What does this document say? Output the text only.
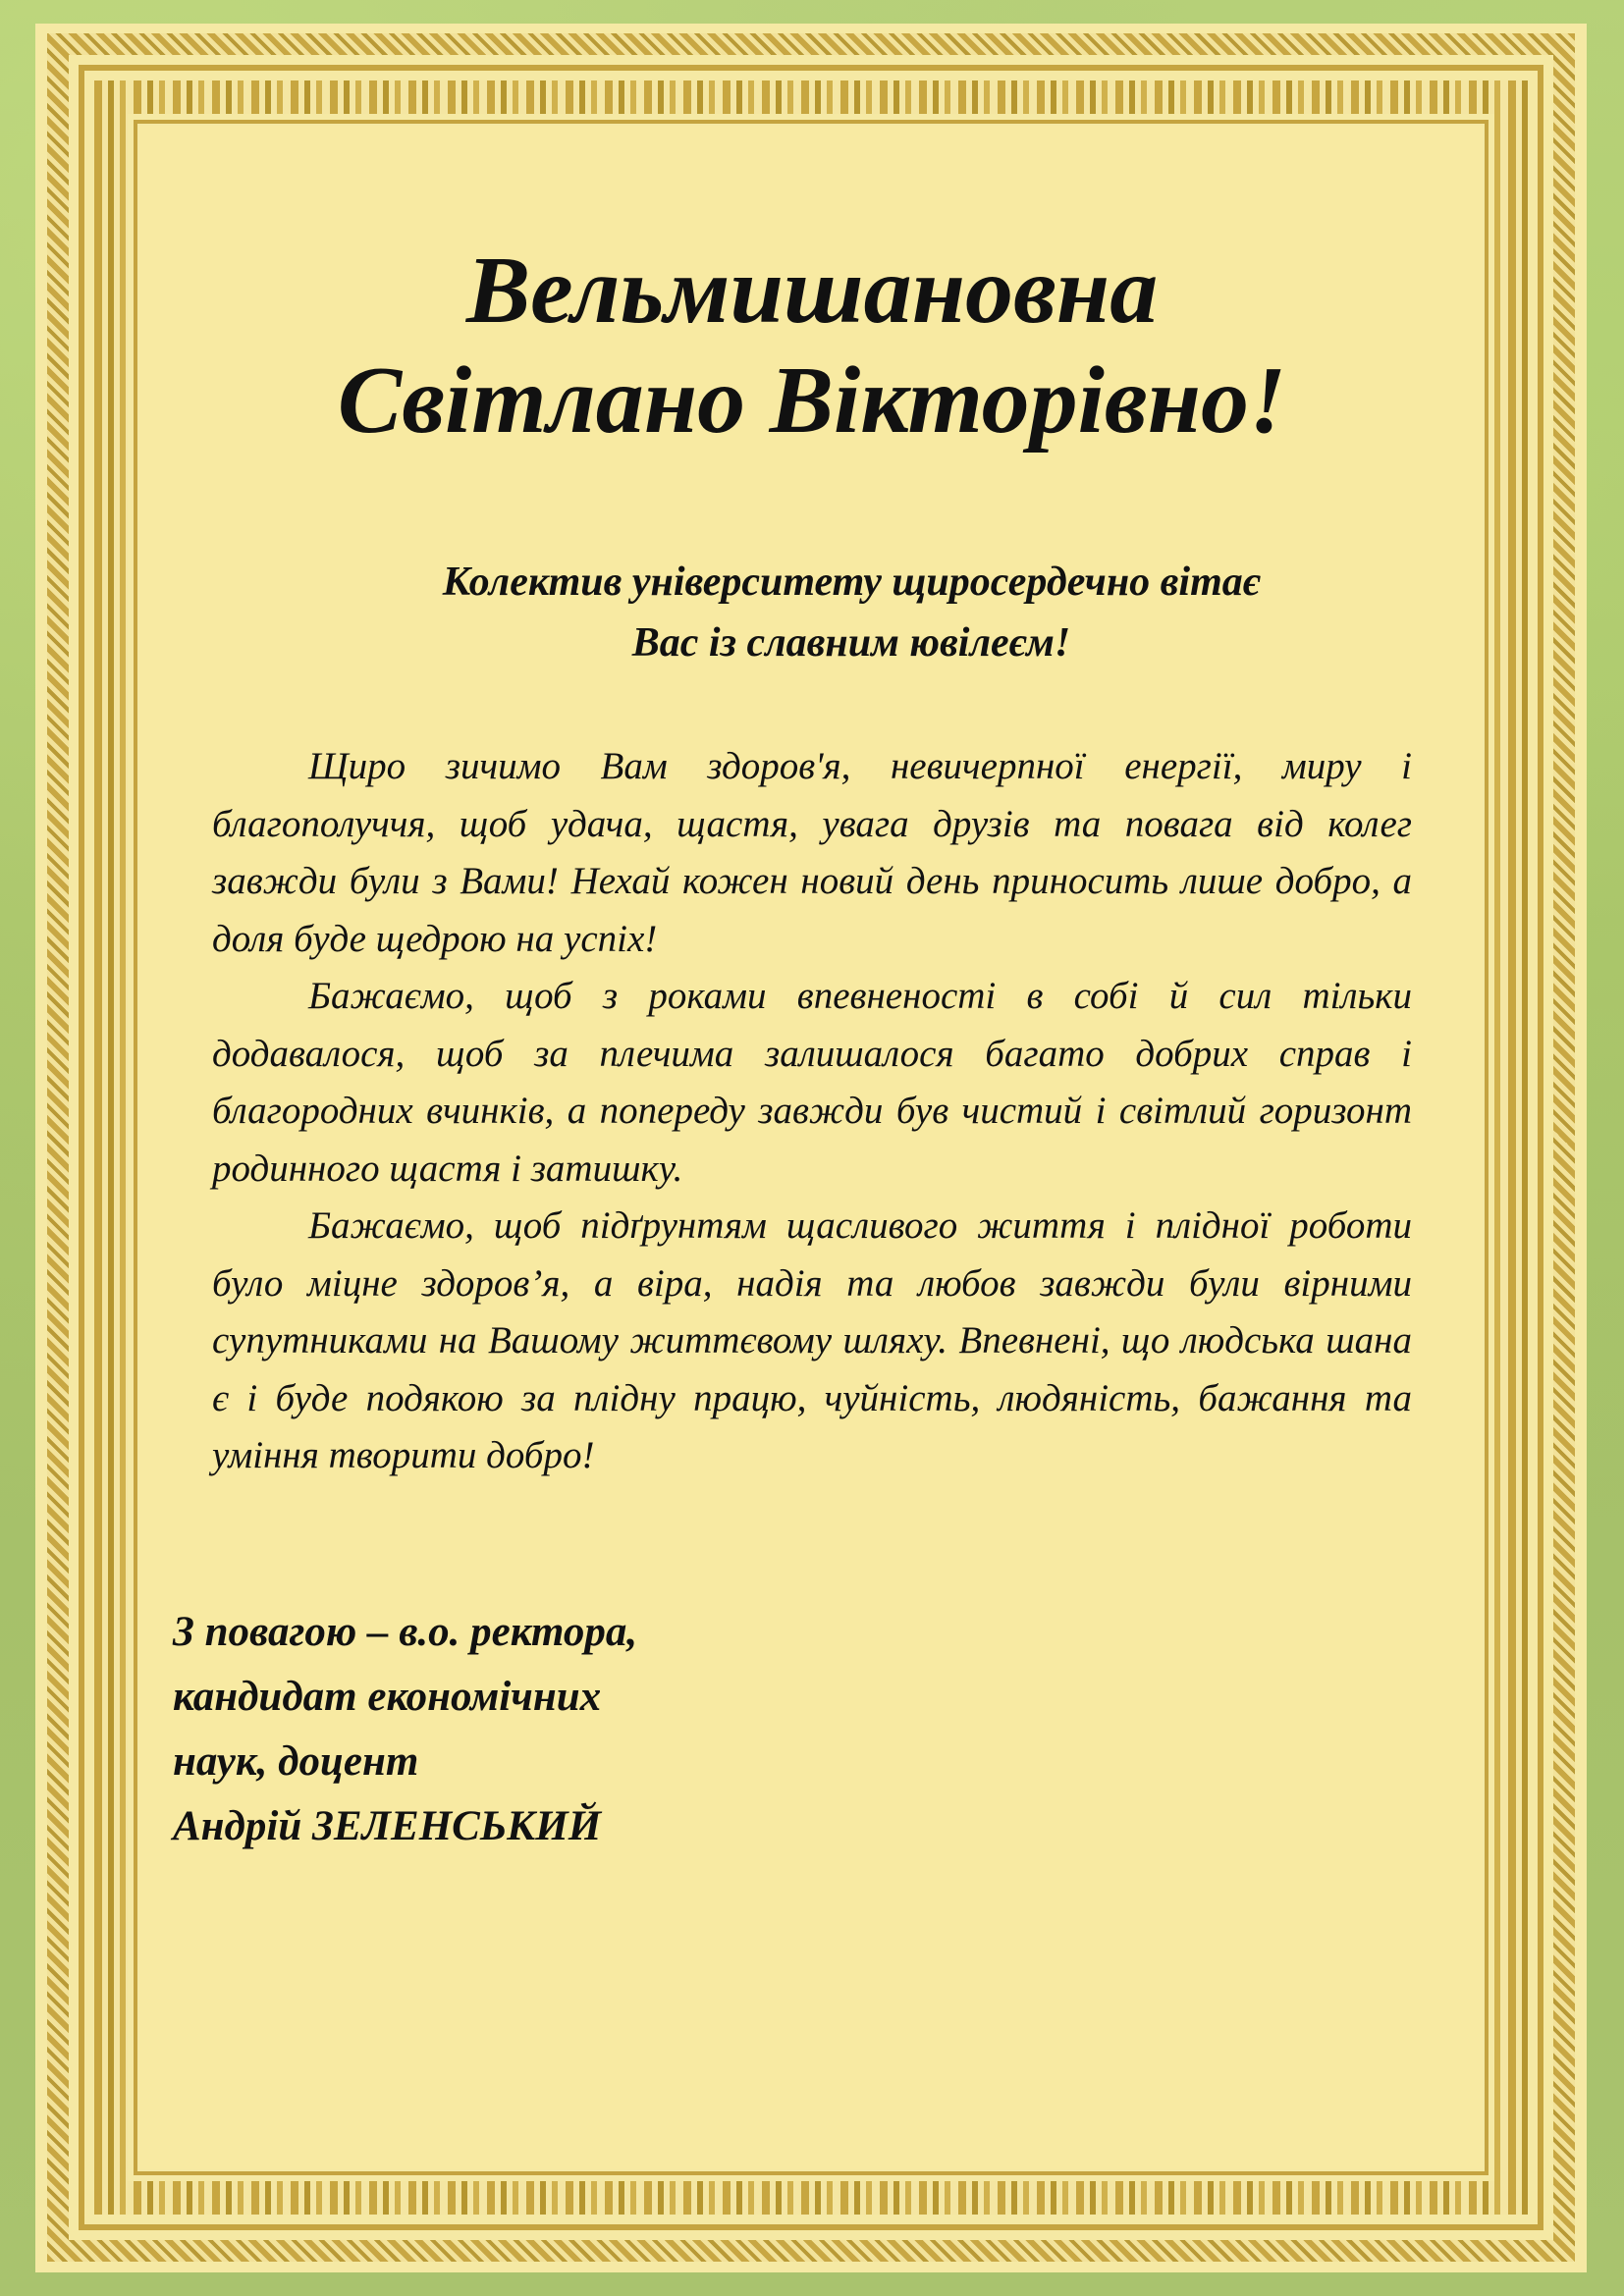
Вельмишановна
Світлано Вікторівно!
Колектив університету щиросердечно вітає
Вас із славним ювілеєм!

Щиро зичимо Вам здоров'я, невичерпної енергії, миру і благополуччя, щоб удача, щастя, увага друзів та повага від колег завжди були з Вами! Нехай кожен новий день приносить лише добро, а доля буде щедрою на успіх!

Бажаємо, щоб з роками впевненості в собі й сил тільки додавалося, щоб за плечима залишалося багато добрих справ і благородних вчинків, а попереду завжди був чистий і світлий горизонт родинного щастя і затишку.

Бажаємо, щоб підґрунтям щасливого життя і плідної роботи було міцне здоров’я, а віра, надія та любов завжди були вірними супутниками на Вашому життєвому шляху. Впевнені, що людська шана є і буде подякою за плідну працю, чуйність, людяність, бажання та уміння творити добро!

З повагою – в.о. ректора,
кандидат економічних
наук, доцент
Андрій ЗЕЛЕНСЬКИЙ
